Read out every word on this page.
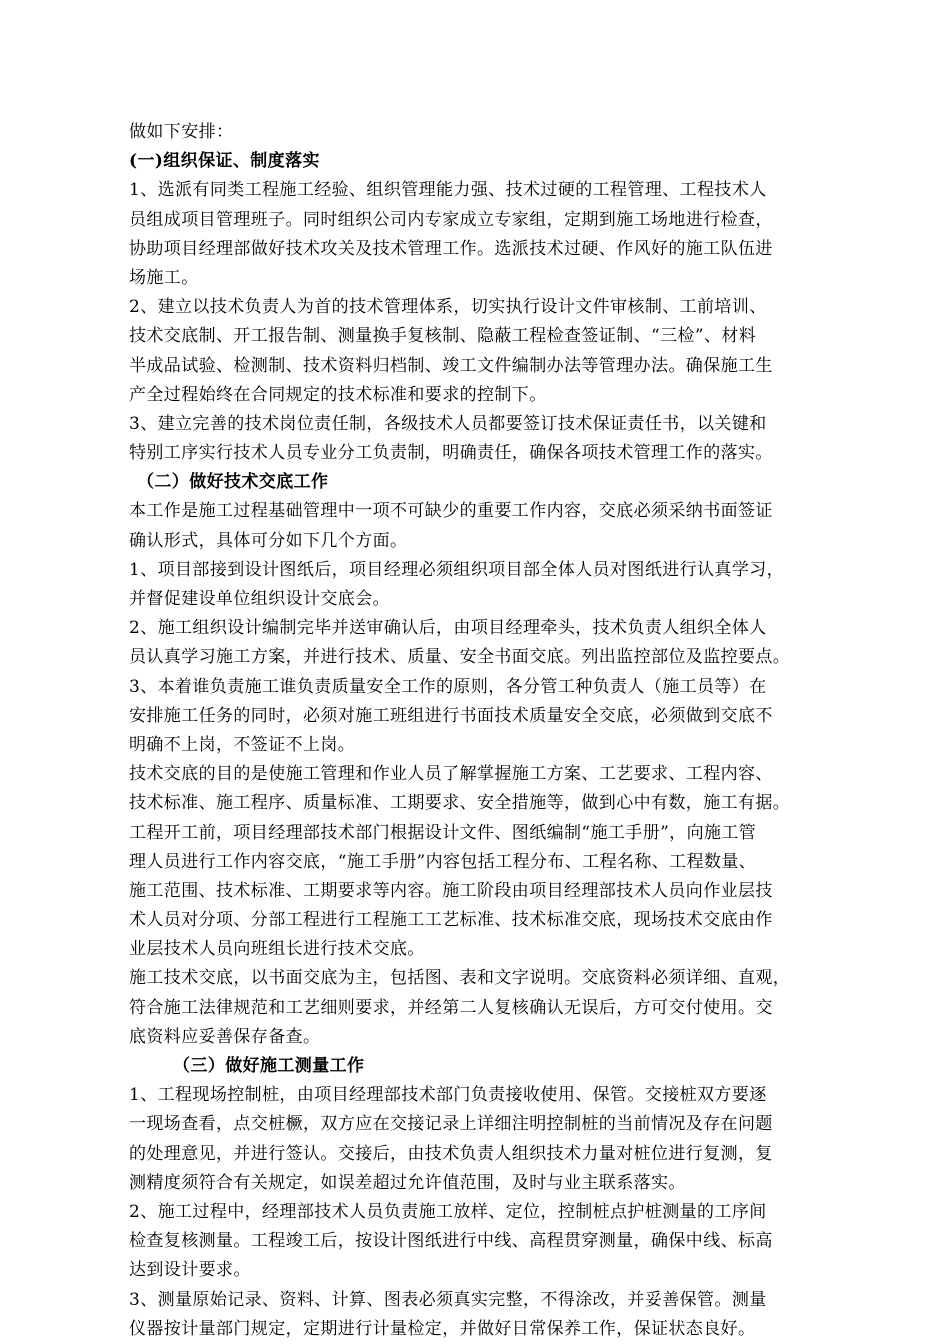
做如下安排：
(一)组织保证、制度落实
1、选派有同类工程施工经验、组织管理能力强、技术过硬的工程管理、工程技术人
员组成项目管理班子。同时组织公司内专家成立专家组，定期到施工场地进行检查，
协助项目经理部做好技术攻关及技术管理工作。选派技术过硬、作风好的施工队伍进
场施工。
2、建立以技术负责人为首的技术管理体系，切实执行设计文件审核制、工前培训、
技术交底制、开工报告制、测量换手复核制、隐蔽工程检查签证制、“三检”、材料
半成品试验、检测制、技术资料归档制、竣工文件编制办法等管理办法。确保施工生
产全过程始终在合同规定的技术标准和要求的控制下。
3、建立完善的技术岗位责任制，各级技术人员都要签订技术保证责任书，以关键和
特别工序实行技术人员专业分工负责制，明确责任，确保各项技术管理工作的落实。
（二）做好技术交底工作
本工作是施工过程基础管理中一项不可缺少的重要工作内容，交底必须采纳书面签证
确认形式，具体可分如下几个方面。
1、项目部接到设计图纸后，项目经理必须组织项目部全体人员对图纸进行认真学习，
并督促建设单位组织设计交底会。
2、施工组织设计编制完毕并送审确认后，由项目经理牵头，技术负责人组织全体人
员认真学习施工方案，并进行技术、质量、安全书面交底。列出监控部位及监控要点。
3、本着谁负责施工谁负责质量安全工作的原则，各分管工种负责人（施工员等）在
安排施工任务的同时，必须对施工班组进行书面技术质量安全交底，必须做到交底不
明确不上岗，不签证不上岗。
技术交底的目的是使施工管理和作业人员了解掌握施工方案、工艺要求、工程内容、
技术标准、施工程序、质量标准、工期要求、安全措施等，做到心中有数，施工有据。
工程开工前，项目经理部技术部门根据设计文件、图纸编制“施工手册”，向施工管
理人员进行工作内容交底，“施工手册”内容包括工程分布、工程名称、工程数量、
施工范围、技术标准、工期要求等内容。施工阶段由项目经理部技术人员向作业层技
术人员对分项、分部工程进行工程施工工艺标准、技术标准交底，现场技术交底由作
业层技术人员向班组长进行技术交底。
施工技术交底，以书面交底为主，包括图、表和文字说明。交底资料必须详细、直观，
符合施工法律规范和工艺细则要求，并经第二人复核确认无误后，方可交付使用。交
底资料应妥善保存备查。
（三）做好施工测量工作
1、工程现场控制桩，由项目经理部技术部门负责接收使用、保管。交接桩双方要逐
一现场查看，点交桩橛，双方应在交接记录上详细注明控制桩的当前情况及存在问题
的处理意见，并进行签认。交接后，由技术负责人组织技术力量对桩位进行复测，复
测精度须符合有关规定，如误差超过允许值范围，及时与业主联系落实。
2、施工过程中，经理部技术人员负责施工放样、定位，控制桩点护桩测量的工序间
检查复核测量。工程竣工后，按设计图纸进行中线、高程贯穿测量，确保中线、标高
达到设计要求。
3、测量原始记录、资料、计算、图表必须真实完整，不得涂改，并妥善保管。测量
仪器按计量部门规定，定期进行计量检定，并做好日常保养工作，保证状态良好。
